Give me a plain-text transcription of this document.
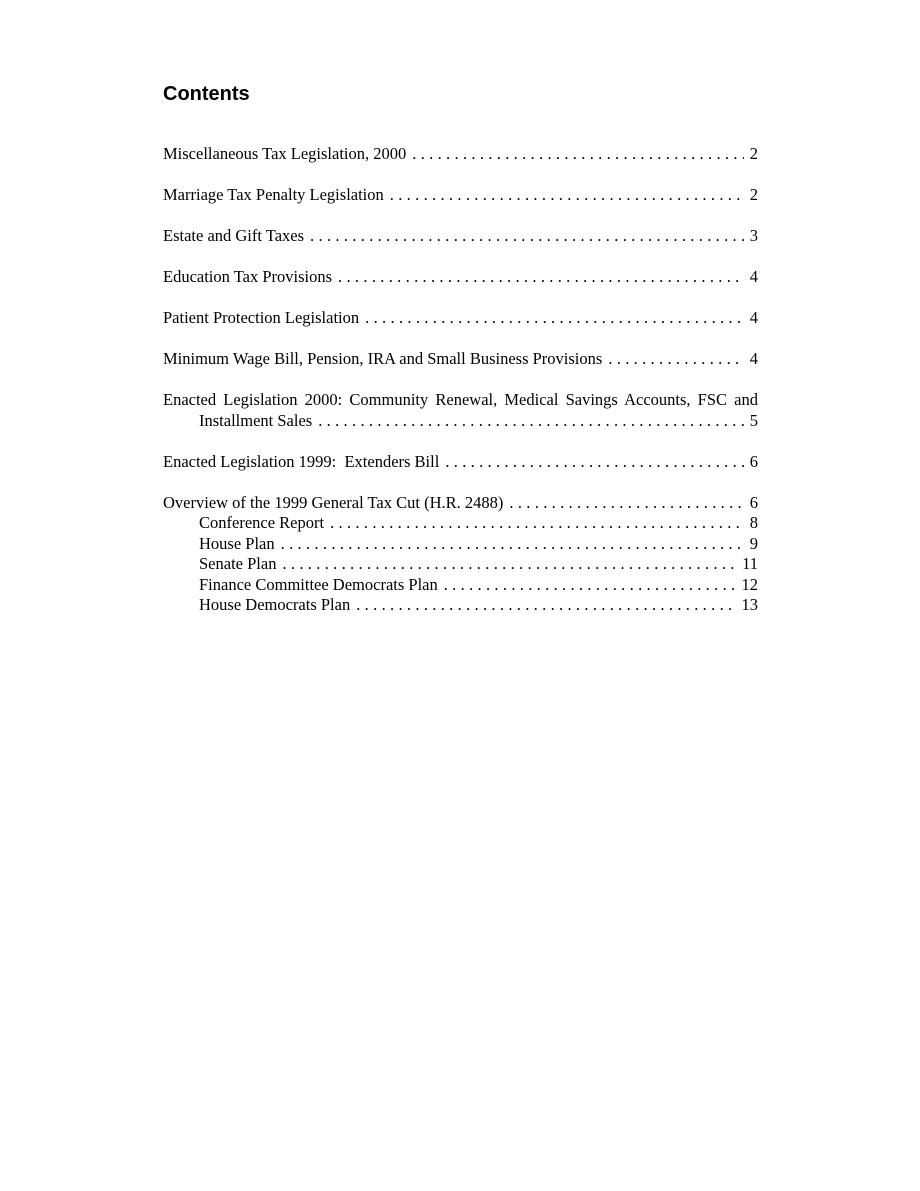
Contents
Miscellaneous Tax Legislation, 2000 . . .	2
Marriage Tax Penalty Legislation . . .	2
Estate and Gift Taxes . . .	3
Education Tax Provisions . . .	4
Patient Protection Legislation . . .	4
Minimum Wage Bill, Pension, IRA and Small Business Provisions . . .	4
Enacted Legislation 2000: Community Renewal, Medical Savings Accounts, FSC and
Installment Sales . . .	5
Enacted Legislation 1999:  Extenders Bill . . .	6
Overview of the 1999 General Tax Cut (H.R. 2488) . . .	6
Conference Report . . .	8
House Plan . . .	9
Senate Plan . . .	11
Finance Committee Democrats Plan . . .	12
House Democrats Plan . . .	13
